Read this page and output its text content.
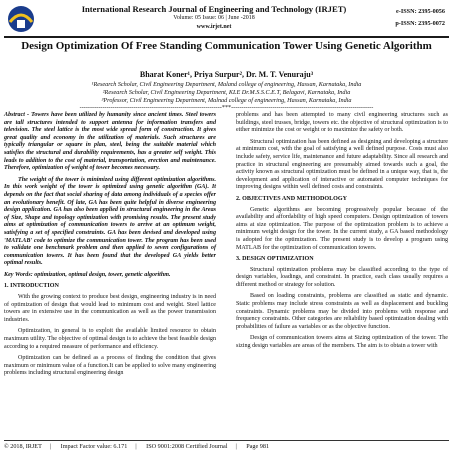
International Research Journal of Engineering and Technology (IRJET)
Volume: 05 Issue: 06 | June -2018
www.irjet.net
e-ISSN: 2395-0056
p-ISSN: 2395-0072
Design Optimization Of Free Standing Communication Tower Using Genetic Algorithm
Bharat Koner¹, Priya Surpur², Dr. M. T. Venuraju³
¹Research Scholar, Civil Engineering Department, Maland college of engineering, Hassan, Karnataka, India
²Research Scholar, Civil Engineering Department, KLE Dr.M.S.S.C.E.T, Belagavi, Karnataka, India
³Professor, Civil Engineering Department, Malnad college of engineering, Hassan, Karnataka, India
---------------------------------------------------------------------***---------------------------------------------------------------------

Abstract - Towers have been utilized by humanity since ancient times. Steel towers are tall structures intended to support antenna for information transfers and television. The steel lattice is the most wide spread form of construction. It gives great quality and economy in the utilization of materials. Such structures are typically triangular or square in plan, steel, being the suitable material which satisfies the structural and durability requirements, has a greater self weight. This leads to addition to the cost of material, transportation, erection and maintenance. Therefore, optimization of weight of tower becomes necessary.

The weight of the tower is minimized using different optimization algorithms. In this work weight of the tower is optimized using genetic algorithm (GA). It depends on the fact that social sharing of data among individuals of a species offer an evolutionary benefit. Of late, GA has been quite helpful in diverse engineering design application. GA has also been applied in structural engineering in the Areas of Size, Shape and topology optimization with promising results. The present study aims at optimization of communication towers to arrive at an optimum weight, satisfying a set of specified constraints. GA has been devised and developed using 'MATLAB' code to optimize the communication tower. The program has been used to validate one benchmark problem and then applied to seven configurations of communication towers. It has been found that the developed GA yields better optimal results.

Key Words: optimization, optimal design, tower, genetic algorithm.

1. INTRODUCTION

With the growing context to produce best design, engineering industry is in need of optimization of design that would lead to minimum cost and weight. Steel lattice towers are in extensive use in the communication as well as the power transmission industries.

Optimization, in general is to exploit the available limited resource to obtain maximum utility. The objective of optimal design is to achieve the best feasible design according to a required measure of performance and efficiency.

Optimization can be defined as a process of finding the condition that gives maximum or minimum value of a function.It can be applied to solve many engineering problems including structural engineering design

problems and has been attempted to many civil engineering structures such as buildings, steel trusses, bridge, towers etc. the objective of structural optimization is to either minimize the cost or weight or to maximize the safety or both.

Structural optimization has been defined as designing and developing a structure at minimum cost, with the goal of satisfying a well defined purpose. Costs must also include safety, service life, maintenance and future adaptability. Since all research and practice in structural engineering are presumably aimed towards such a goal, the activity known as structural optimization must be defined in a unique way, that is, the development and application of interactive or automated computer techniques for improving designs within well defined costs and constraints.

2. OBJECTIVES AND METHODOLOGY

Genetic algorithms are becoming progressively popular because of the availability and affordability of high speed computers. Design optimization of towers aims at size optimization. The purpose of the optimization problem is to achieve a minimum weight design for the tower. In the current study, a GA based methodology is adopted for the optimization. The present study is to develop a program using MATLAB for the optimization of communication towers.

3. DESIGN OPTIMIZATION

Structural optimization problems may be classified according to the type of design variables, loadings, and constraint. In practice, each class usually requires a different method or strategy for solution.

Based on loading constraints, problems are classified as static and dynamic. Static problems may include stress constraints as well as displacement and buckling constraints. Dynamic problems may be divided into problems with response and frequency constraints. Other categories are reliability based optimization dealing with probabilities of failure as variables or as the objective function.

Design of communication towers aims at Sizing optimization of the tower. The sizing design variables are areas of the members. The aim is to obtain a tower with

© 2018, IRJET | Impact Factor value: 6.171 | ISO 9001:2008 Certified Journal | Page 981
